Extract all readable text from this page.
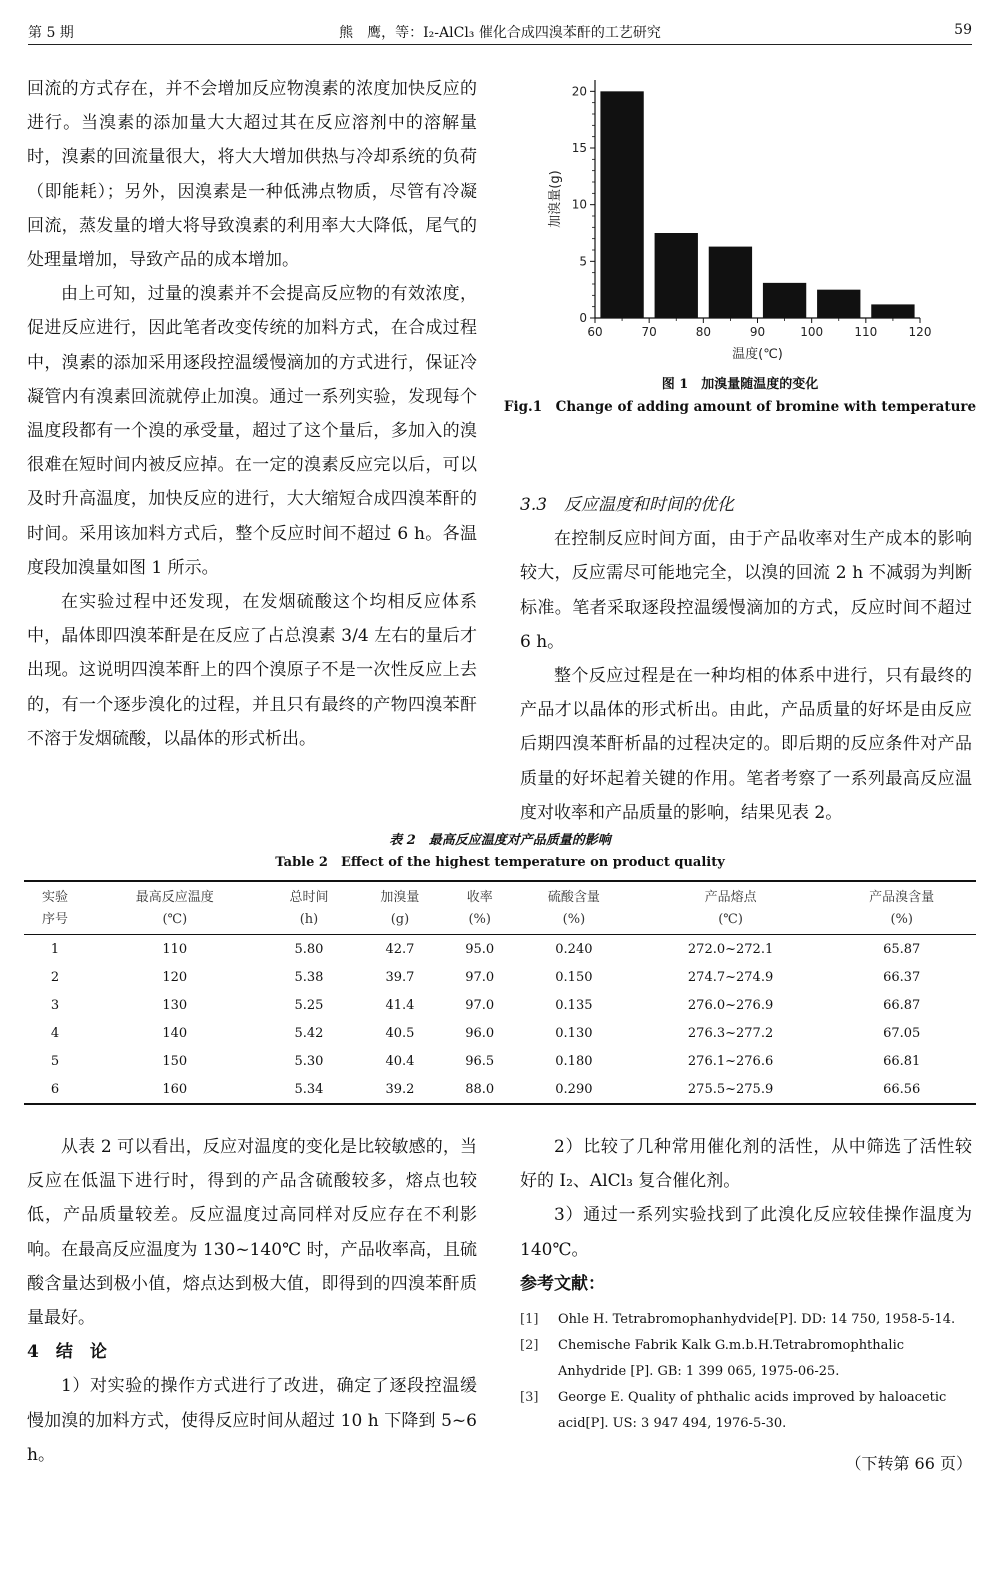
第 5 期	熊　鹰，等：I₂-AlCl₃ 催化合成四溴苯酐的工艺研究	59

回流的方式存在，并不会增加反应物溴素的浓度加快反应的进行。当溴素的添加量大大超过其在反应溶剂中的溶解量时，溴素的回流量很大，将大大增加供热与冷却系统的负荷（即能耗）；另外，因溴素是一种低沸点物质，尽管有冷凝回流，蒸发量的增大将导致溴素的利用率大大降低，尾气的处理量增加，导致产品的成本增加。

由上可知，过量的溴素并不会提高反应物的有效浓度，促进反应进行，因此笔者改变传统的加料方式，在合成过程中，溴素的添加采用逐段控温缓慢滴加的方式进行，保证冷凝管内有溴素回流就停止加溴。通过一系列实验，发现每个温度段都有一个溴的承受量，超过了这个量后，多加入的溴很难在短时间内被反应掉。在一定的溴素反应完以后，可以及时升高温度，加快反应的进行，大大缩短合成四溴苯酐的时间。采用该加料方式后，整个反应时间不超过 6 h。各温度段加溴量如图 1 所示。

在实验过程中还发现，在发烟硫酸这个均相反应体系中，晶体即四溴苯酐是在反应了占总溴素 3/4 左右的量后才出现。这说明四溴苯酐上的四个溴原子不是一次性反应上去的，有一个逐步溴化的过程，并且只有最终的产物四溴苯酐不溶于发烟硫酸，以晶体的形式析出。

0
5
10
15
20
60	70	80	90	100	110	120
温度(℃)
加溴量(g)
图 1　加溴量随温度的变化
Fig.1　Change of adding amount of bromine with temperature

3.3　反应温度和时间的优化

在控制反应时间方面，由于产品收率对生产成本的影响较大，反应需尽可能地完全，以溴的回流 2 h 不减弱为判断标准。笔者采取逐段控温缓慢滴加的方式，反应时间不超过 6 h。

整个反应过程是在一种均相的体系中进行，只有最终的产品才以晶体的形式析出。由此，产品质量的好坏是由反应后期四溴苯酐析晶的过程决定的。即后期的反应条件对产品质量的好坏起着关键的作用。笔者考察了一系列最高反应温度对收率和产品质量的影响，结果见表 2。

表 2　最高反应温度对产品质量的影响
Table 2　Effect of the highest temperature on product quality
实验	最高反应温度	总时间	加溴量	收率	硫酸含量	产品熔点	产品溴含量
序号	(℃)	(h)	(g)	(%)	(%)	(℃)	(%)
1	110	5.80	42.7	95.0	0.240	272.0~272.1	65.87
2	120	5.38	39.7	97.0	0.150	274.7~274.9	66.37
3	130	5.25	41.4	97.0	0.135	276.0~276.9	66.87
4	140	5.42	40.5	96.0	0.130	276.3~277.2	67.05
5	150	5.30	40.4	96.5	0.180	276.1~276.6	66.81
6	160	5.34	39.2	88.0	0.290	275.5~275.9	66.56

从表 2 可以看出，反应对温度的变化是比较敏感的，当反应在低温下进行时，得到的产品含硫酸较多，熔点也较低，产品质量较差。反应温度过高同样对反应存在不利影响。在最高反应温度为 130~140℃ 时，产品收率高，且硫酸含量达到极小值，熔点达到极大值，即得到的四溴苯酐质量最好。

4　结　论

1）对实验的操作方式进行了改进，确定了逐段控温缓慢加溴的加料方式，使得反应时间从超过 10 h 下降到 5~6 h。

2）比较了几种常用催化剂的活性，从中筛选了活性较好的 I₂、AlCl₃ 复合催化剂。

3）通过一系列实验找到了此溴化反应较佳操作温度为 140℃。

参考文献：

[1]	Ohle H. Tetrabromophanhydvide[P]. DD: 14 750, 1958-5-14.
[2]	Chemische Fabrik Kalk G.m.b.H.Tetrabromophthalic Anhydride [P]. GB: 1 399 065, 1975-06-25.
[3]	George E. Quality of phthalic acids improved by haloacetic acid[P]. US: 3 947 494, 1976-5-30.
（下转第 66 页）
